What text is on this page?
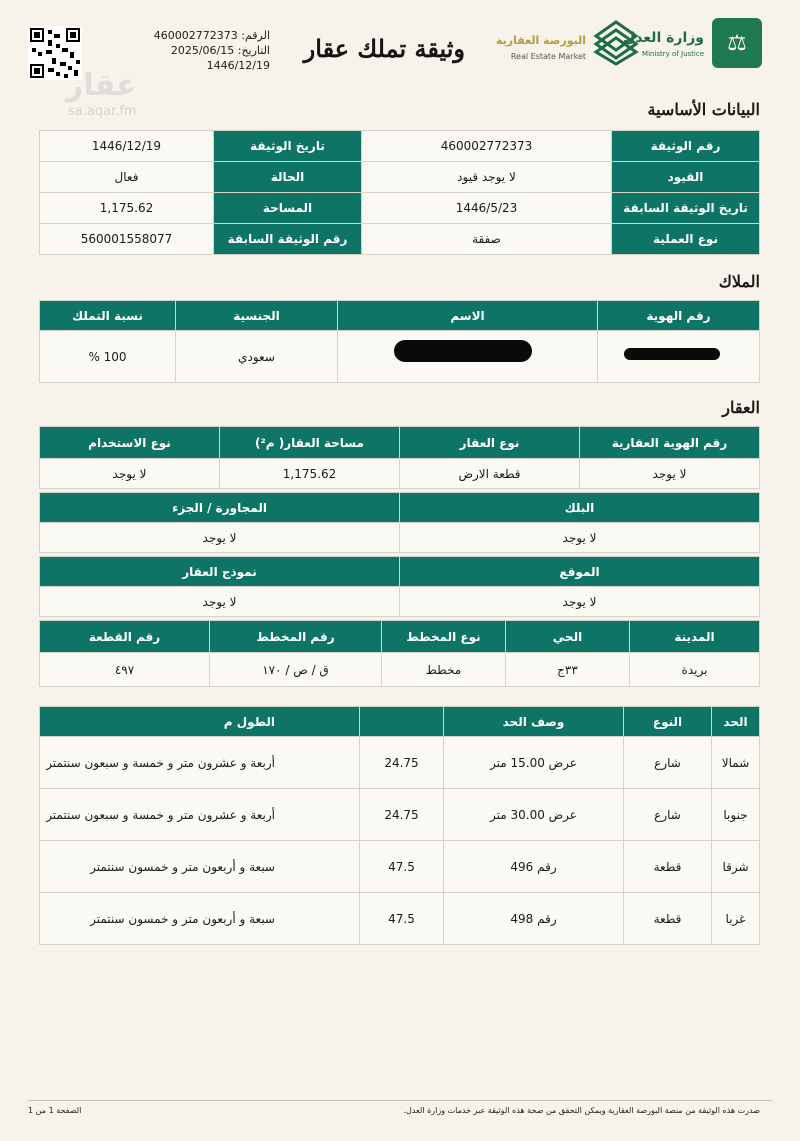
⚖
وزارة العدل
Ministry of Justice
البورصة العقارية
Real Estate Market
وثيقة تملك عقار
الرقم: 460002772373
التاريخ: 2025/06/15
1446/12/19
عقار
sa.aqar.fm	البيانات الأساسية
رقم الوثيقة	460002772373	تاريخ الوثيقة	1446/12/19
القيود	لا يوجد قيود	الحالة	فعال
تاريخ الوثيقة السابقة	1446/5/23	المساحة	1,175.62
نوع العملية	صفقة	رقم الوثيقة السابقة	560001558077
الملاك
رقم الهوية	الاسم	الجنسية	نسبة التملك
		سعودي	100 %
العقار
رقم الهوية العقارية	نوع العقار	مساحة العقار( م²)	نوع الاستخدام
لا يوجد	قطعة الارض	1,175.62	لا يوجد
البلك	المجاورة / الجزء
لا يوجد	لا يوجد
الموقع	نموذج العقار
لا يوجد	لا يوجد
المدينة	الحي	نوع المخطط	رقم المخطط	رقم القطعة
بريدة	٣٣ج	مخطط	ق / ص / ١٧٠	٤٩٧
الحد	النوع	وصف الحد		الطول م
شمالا	شارع	عرض 15.00 متر	24.75	أربعة و عشرون متر و خمسة و سبعون سنتمتر
جنوبا	شارع	عرض 30.00 متر	24.75	أربعة و عشرون متر و خمسة و سبعون سنتمتر
شرقا	قطعة	رقم 496	47.5	سبعة و أربعون متر و خمسون سنتمتر
غربا	قطعة	رقم 498	47.5	سبعة و أربعون متر و خمسون سنتمتر
صدرت هذه الوثيقة من منصة البورصة العقارية ويمكن التحقق من صحة هذه الوثيقة عبر خدمات وزارة العدل.
الصفحة 1 من 1
